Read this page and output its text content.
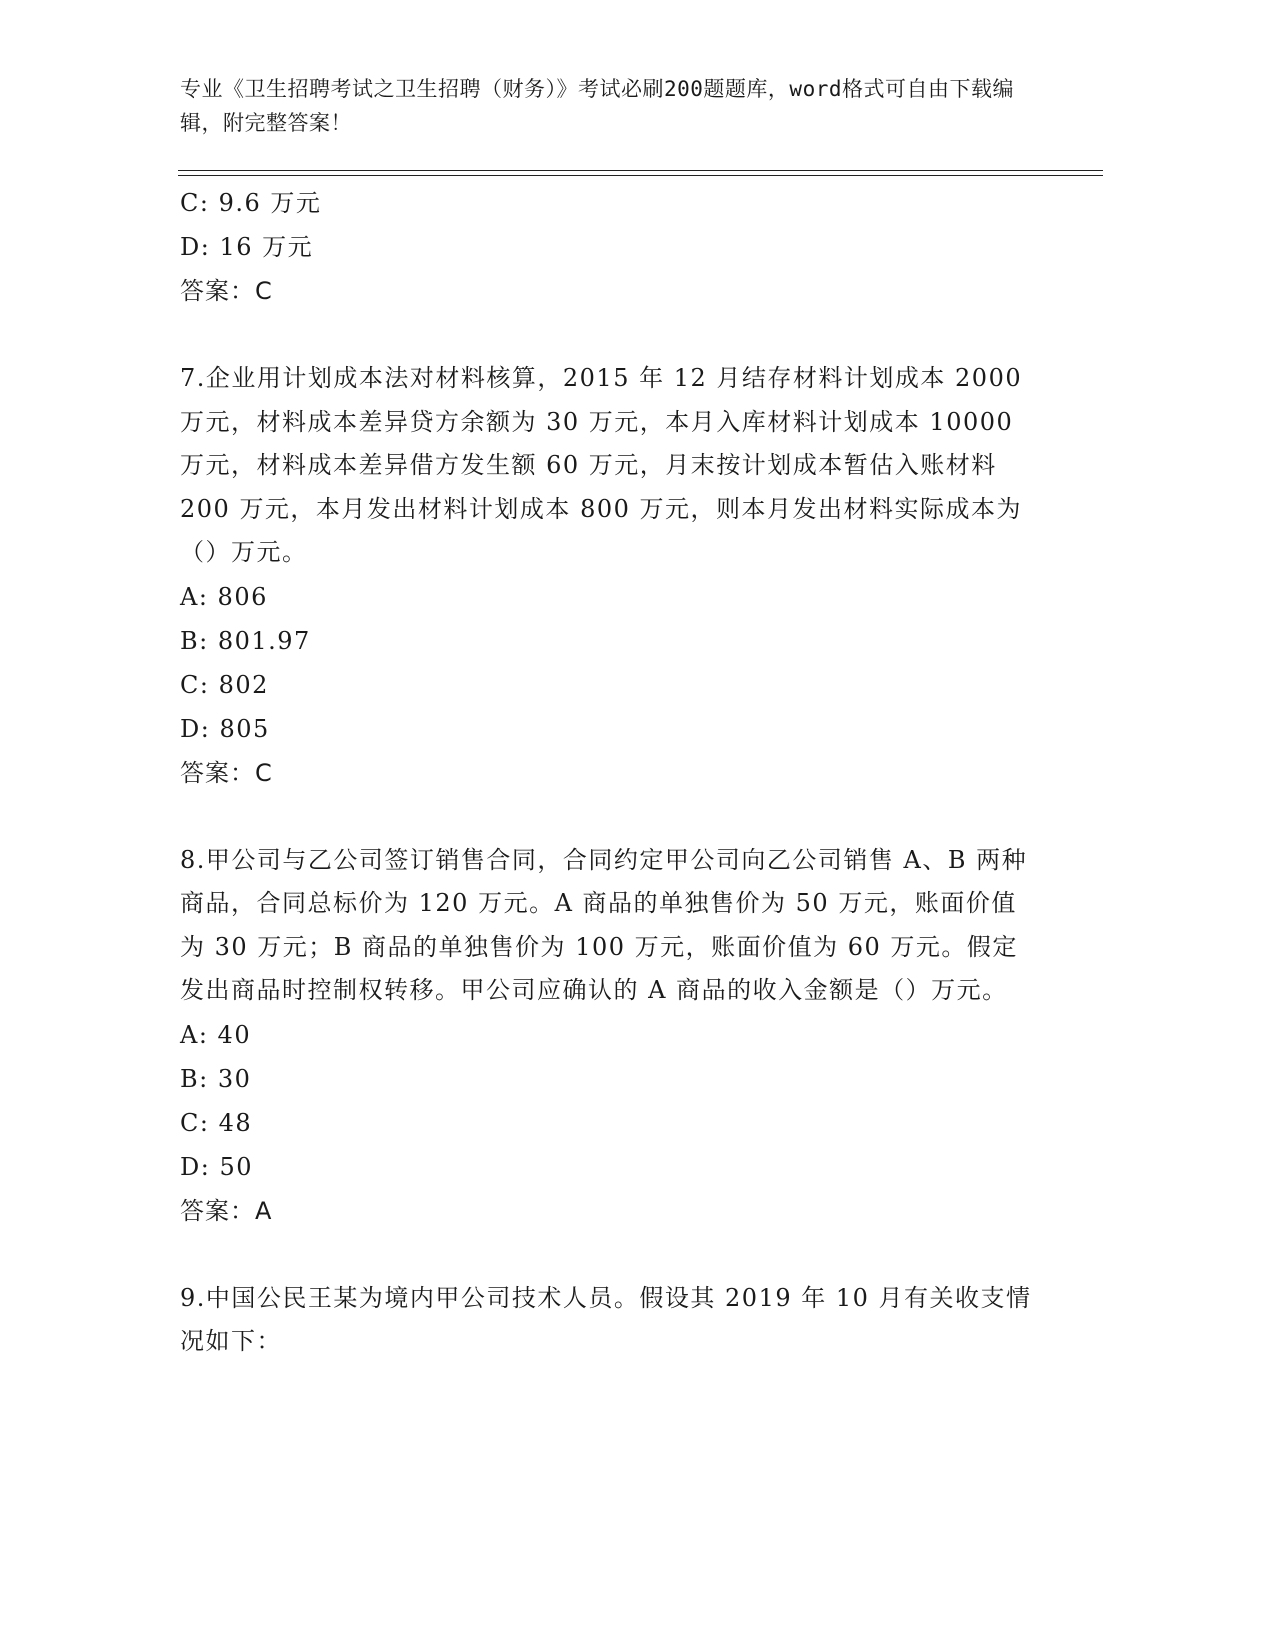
专业《卫生招聘考试之卫生招聘（财务）》考试必刷200题题库，word格式可自由下载编辑，附完整答案！
C: 9.6 万元
D: 16 万元
答案：C
7.企业用计划成本法对材料核算，2015 年 12 月结存材料计划成本 2000 万元，材料成本差异贷方余额为 30 万元，本月入库材料计划成本 10000 万元，材料成本差异借方发生额 60 万元，月末按计划成本暂估入账材料 200 万元，本月发出材料计划成本 800 万元，则本月发出材料实际成本为（）万元。
A: 806
B: 801.97
C: 802
D: 805
答案：C
8.甲公司与乙公司签订销售合同，合同约定甲公司向乙公司销售 A、B 两种商品，合同总标价为 120 万元。A 商品的单独售价为 50 万元，账面价值为 30 万元；B 商品的单独售价为 100 万元，账面价值为 60 万元。假定发出商品时控制权转移。甲公司应确认的 A 商品的收入金额是（）万元。
A: 40
B: 30
C: 48
D: 50
答案：A
9.中国公民王某为境内甲公司技术人员。假设其 2019 年 10 月有关收支情况如下：
